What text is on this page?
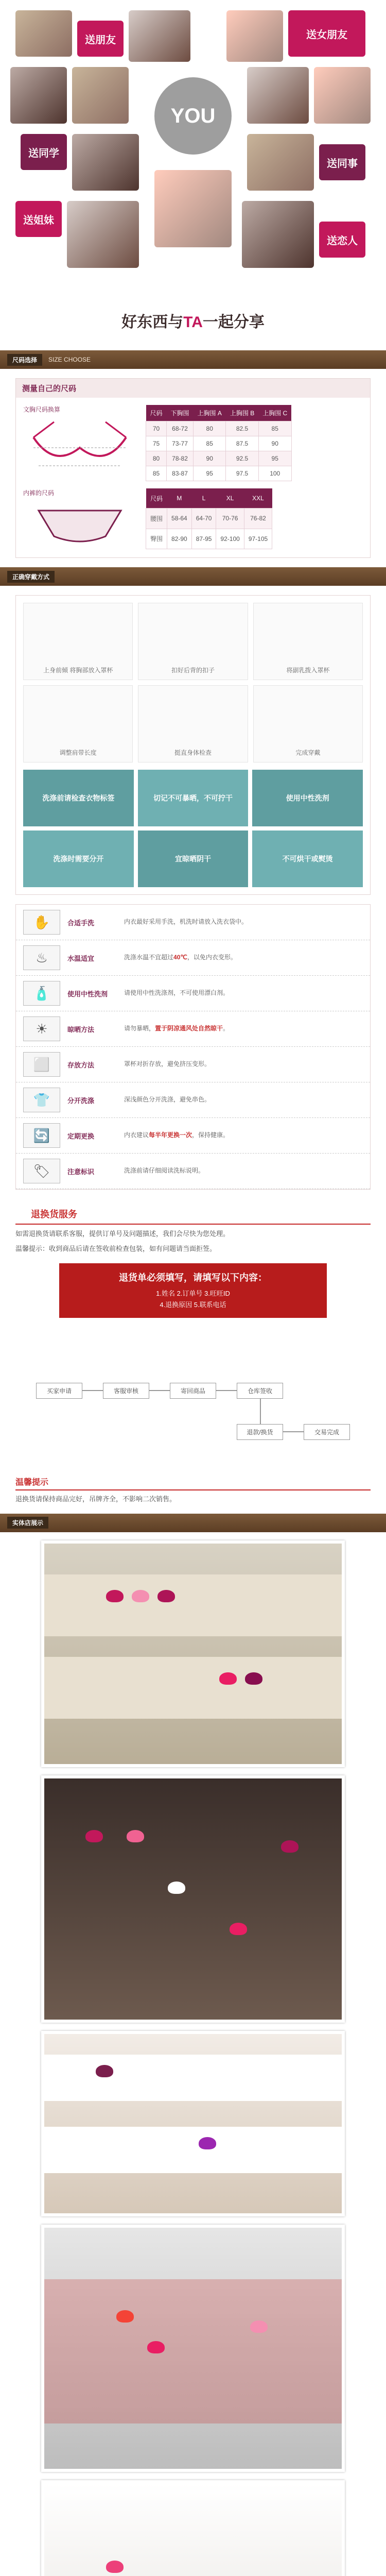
送朋友	送女朋友
YOU
送同学
送同事
送姐妹
送恋人
好东西与TA一起分享
尺码选择	SIZE CHOOSE
测量自己的尺码
文胸尺码换算
尺码	下胸围	上胸围 A	上胸围 B	上胸围 C
70	68-72	80	82.5	85
75	73-77	85	87.5	90
80	78-82	90	92.5	95
85	83-87	95	97.5	100
内裤的尺码
尺码	M	L	XL	XXL
腰围	58-64	64-70	70-76	76-82
臀围	82-90	87-95	92-100	97-105
正确穿戴方式
上身前倾 将胸部放入罩杯	扣好后背的扣子	将副乳拨入罩杯
调整肩带长度	挺直身体检查	完成穿戴
洗涤前请检查衣物标签	切记不可暴晒，不可拧干	使用中性洗剂
洗涤时需要分开	宜晾晒阴干	不可烘干或熨烫
✋	合适手洗	内衣最好采用手洗，机洗时请放入洗衣袋中。
♨	水温适宜	洗涤水温不宜超过40℃，以免内衣变形。
🧴	使用中性洗剂	请使用中性洗涤剂，不可使用漂白剂。
☀	晾晒方法	请勿暴晒，置于阴凉通风处自然晾干。
⬜	存放方法	罩杯对折存放，避免挤压变形。
👕	分开洗涤	深浅颜色分开洗涤，避免串色。
🔄	定期更换	内衣建议每半年更换一次，保持健康。
🏷	注意标识	洗涤前请仔细阅读洗标说明。
退换货服务
如需退换货请联系客服，提供订单号及问题描述，我们会尽快为您处理。
温馨提示：收到商品后请在签收前检查包装，如有问题请当面拒签。
退货单必须填写，请填写以下内容：
1.姓名 2.订单号 3.旺旺ID
4.退换原因 5.联系电话
买家申请	客服审核	寄回商品	仓库签收
退款/换货	交易完成
温馨提示
退换货请保持商品完好，吊牌齐全，不影响二次销售。
实体店展示
